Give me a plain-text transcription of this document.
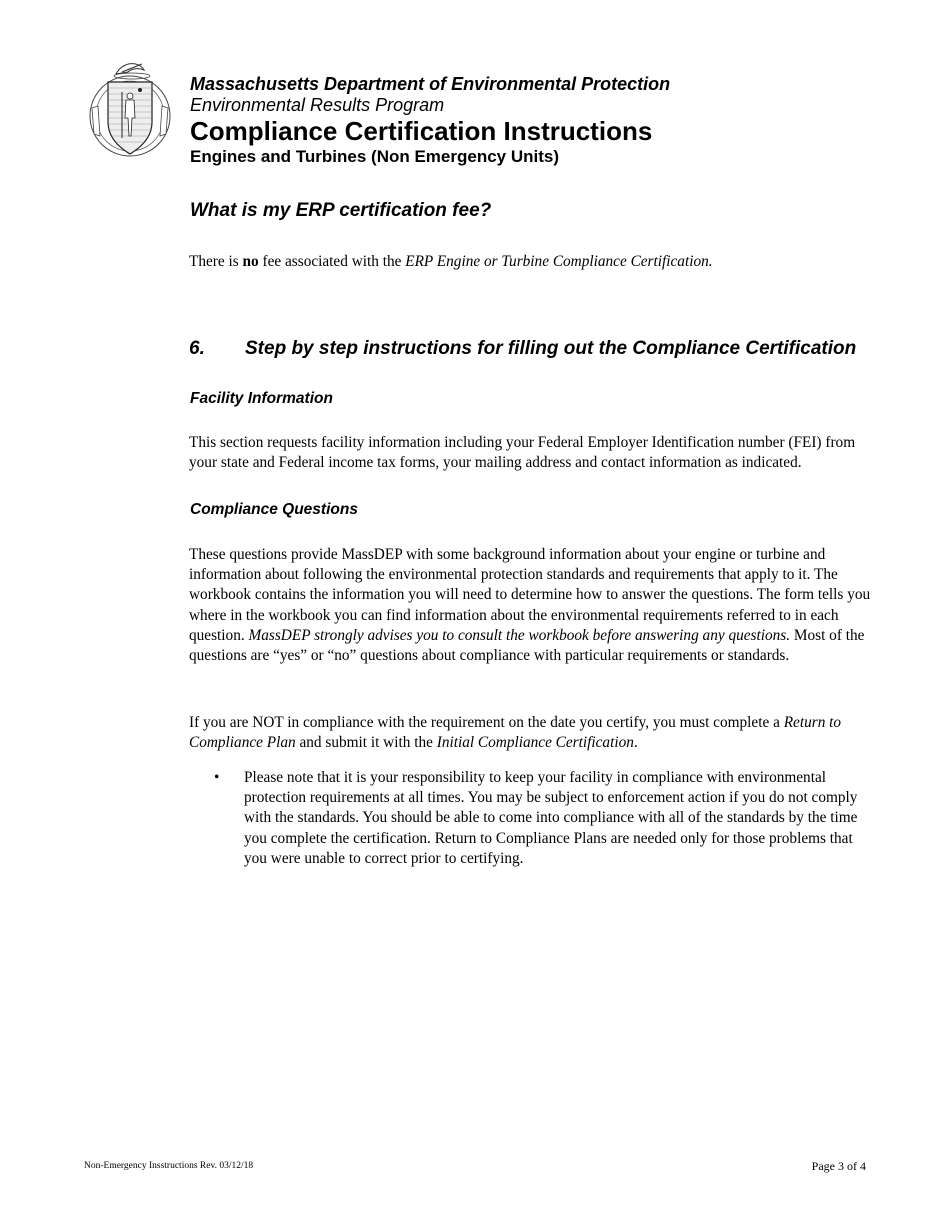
Massachusetts Department of Environmental Protection

Environmental Results Program

Compliance Certification Instructions

Engines and Turbines (Non Emergency Units)

What is my ERP certification fee?

There is no fee associated with the ERP Engine or Turbine Compliance Certification.

6. Step by step instructions for filling out the Compliance Certification
Facility Information

This section requests facility information including your Federal Employer Identification number (FEI) from your state and Federal income tax forms, your mailing address and contact information as indicated.

Compliance Questions

These questions provide MassDEP with some background information about your engine or turbine and information about following the environmental protection standards and requirements that apply to it. The workbook contains the information you will need to determine how to answer the questions. The form tells you where in the workbook you can find information about the environmental requirements referred to in each question. MassDEP strongly advises you to consult the workbook before answering any questions. Most of the questions are “yes” or “no” questions about compliance with particular requirements or standards.

If you are NOT in compliance with the requirement on the date you certify, you must complete a Return to Compliance Plan and submit it with the Initial Compliance Certification.

• Please note that it is your responsibility to keep your facility in compliance with environmental protection requirements at all times. You may be subject to enforcement action if you do not comply with the standards. You should be able to come into compliance with all of the standards by the time you complete the certification. Return to Compliance Plans are needed only for those problems that you were unable to correct prior to certifying.

Non-Emergency Insstructions Rev. 03/12/18	Page 3 of 4
